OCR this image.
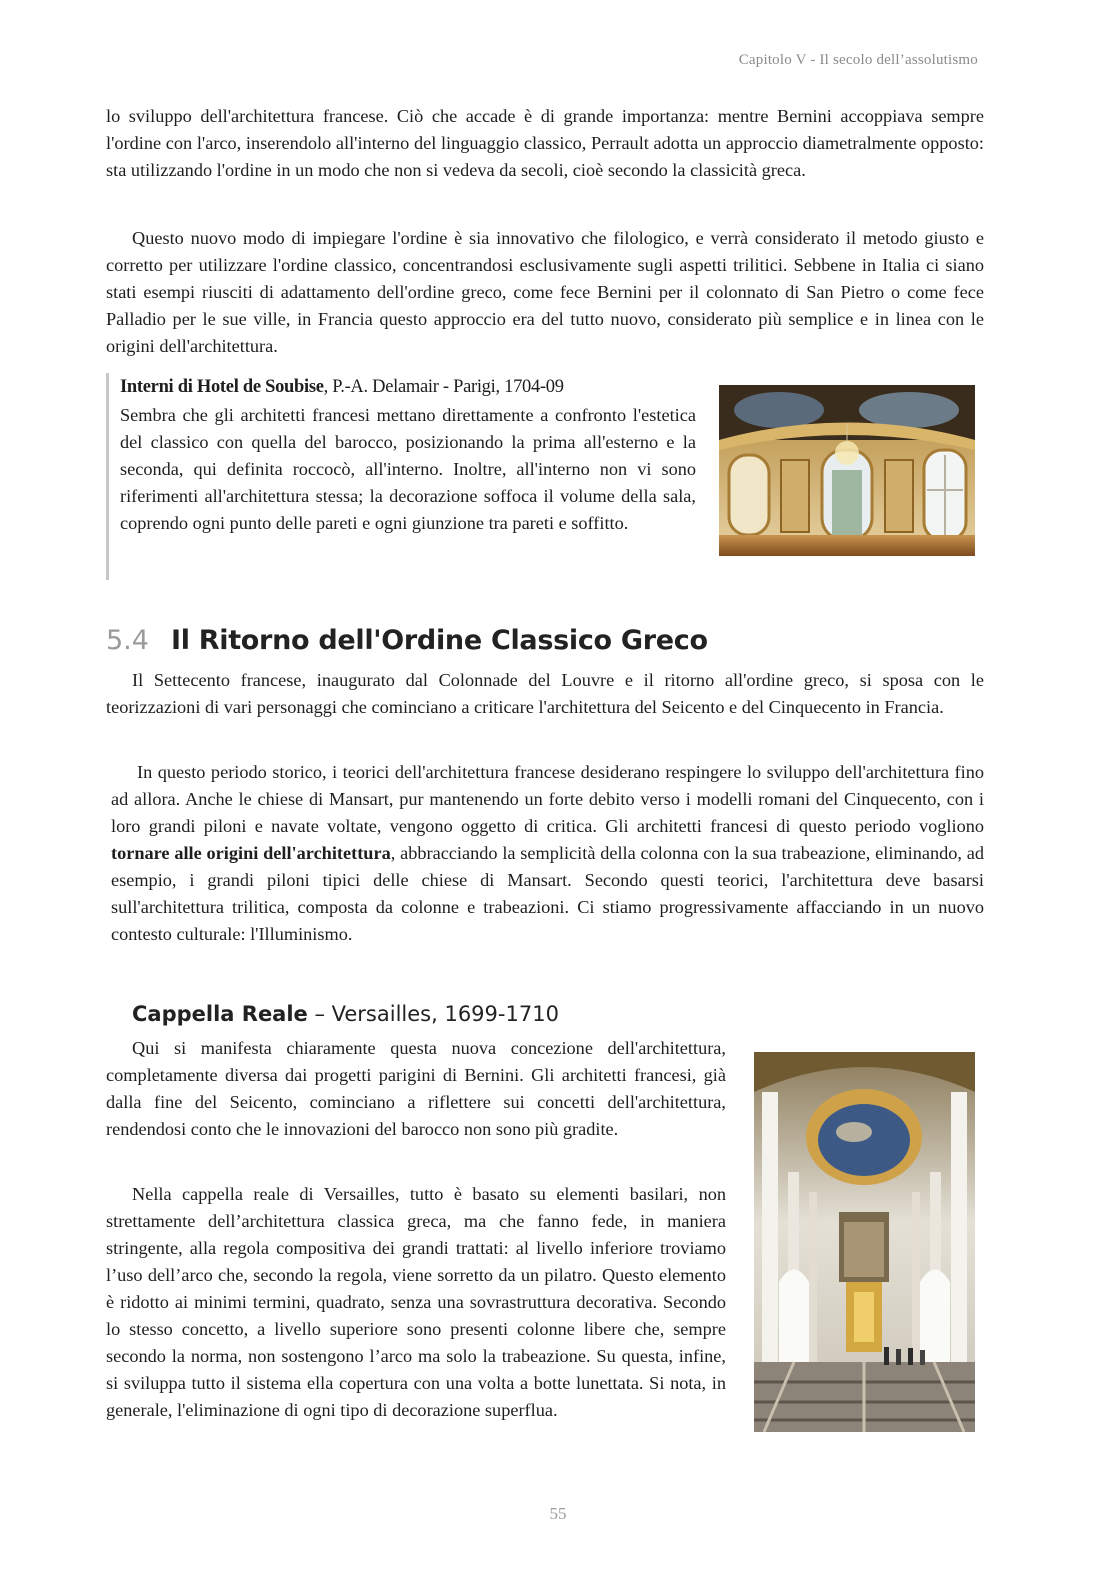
Capitolo V - Il secolo dell’assolutismo

lo sviluppo dell'architettura francese. Ciò che accade è di grande importanza: mentre Bernini accoppiava sempre l'ordine con l'arco, inserendolo all'interno del linguaggio classico, Perrault adotta un approccio diametralmente opposto: sta utilizzando l'ordine in un modo che non si vedeva da secoli, cioè secondo la classicità greca.

Questo nuovo modo di impiegare l'ordine è sia innovativo che filologico, e verrà considerato il metodo giusto e corretto per utilizzare l'ordine classico, concentrandosi esclusivamente sugli aspetti trilitici. Sebbene in Italia ci siano stati esempi riusciti di adattamento dell'ordine greco, come fece Bernini per il colonnato di San Pietro o come fece Palladio per le sue ville, in Francia questo approccio era del tutto nuovo, considerato più semplice e in linea con le origini dell'architettura.

Interni di Hotel de Soubise, P.-A. Delamair - Parigi, 1704-09

Sembra che gli architetti francesi mettano direttamente a confronto l'estetica del classico con quella del barocco, posizionando la prima all'esterno e la seconda, qui definita roccocò, all'interno. Inoltre, all'interno non vi sono riferimenti all'architettura stessa; la decorazione soffoca il volume della sala, coprendo ogni punto delle pareti e ogni giunzione tra pareti e soffitto.

5.4 Il Ritorno dell'Ordine Classico Greco

Il Settecento francese, inaugurato dal Colonnade del Louvre e il ritorno all'ordine greco, si sposa con le teorizzazioni di vari personaggi che cominciano a criticare l'architettura del Seicento e del Cinquecento in Francia.

In questo periodo storico, i teorici dell'architettura francese desiderano respingere lo sviluppo dell'architettura fino ad allora. Anche le chiese di Mansart, pur mantenendo un forte debito verso i modelli romani del Cinquecento, con i loro grandi piloni e navate voltate, vengono oggetto di critica. Gli architetti francesi di questo periodo vogliono tornare alle origini dell'architettura, abbracciando la semplicità della colonna con la sua trabeazione, eliminando, ad esempio, i grandi piloni tipici delle chiese di Mansart. Secondo questi teorici, l'architettura deve basarsi sull'architettura trilitica, composta da colonne e trabeazioni. Ci stiamo progressivamente affacciando in un nuovo contesto culturale: l'Illuminismo.

Cappella Reale – Versailles, 1699-1710

Qui si manifesta chiaramente questa nuova concezione dell'architettura, completamente diversa dai progetti parigini di Bernini. Gli architetti francesi, già dalla fine del Seicento, cominciano a riflettere sui concetti dell'architettura, rendendosi conto che le innovazioni del barocco non sono più gradite.

Nella cappella reale di Versailles, tutto è basato su elementi basilari, non strettamente dell’architettura classica greca, ma che fanno fede, in maniera stringente, alla regola compositiva dei grandi trattati: al livello inferiore troviamo l’uso dell’arco che, secondo la regola, viene sorretto da un pilatro. Questo elemento è ridotto ai minimi termini, quadrato, senza una sovrastruttura decorativa. Secondo lo stesso concetto, a livello superiore sono presenti colonne libere che, sempre secondo la norma, non sostengono l’arco ma solo la trabeazione. Su questa, infine, si sviluppa tutto il sistema ella copertura con una volta a botte lunettata. Si nota, in generale, l'eliminazione di ogni tipo di decorazione superflua.

55
